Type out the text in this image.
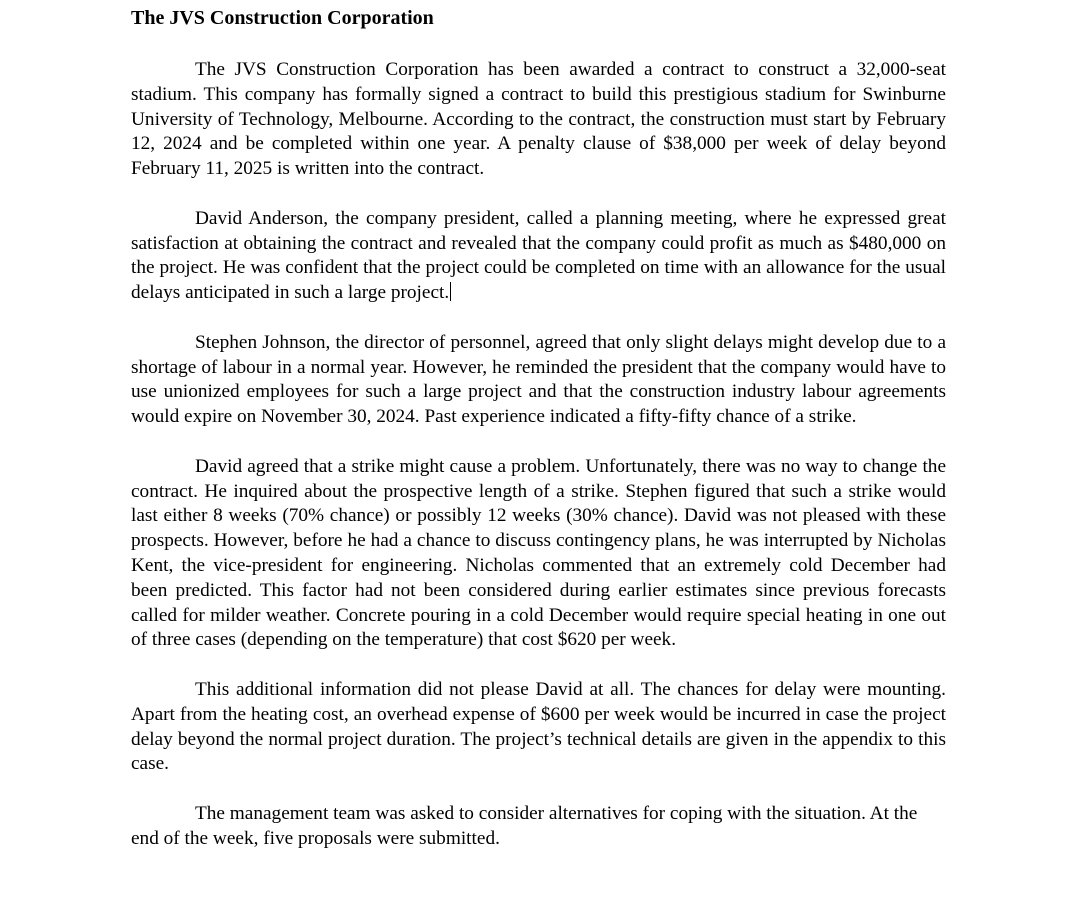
The JVS Construction Corporation

The JVS Construction Corporation has been awarded a contract to construct a 32,000-seat stadium. This company has formally signed a contract to build this prestigious stadium for Swinburne University of Technology, Melbourne. According to the contract, the construction must start by February 12, 2024 and be completed within one year. A penalty clause of $38,000 per week of delay beyond February 11, 2025 is written into the contract.

David Anderson, the company president, called a planning meeting, where he expressed great satisfaction at obtaining the contract and revealed that the company could profit as much as $480,000 on the project. He was confident that the project could be completed on time with an allowance for the usual delays anticipated in such a large project.

Stephen Johnson, the director of personnel, agreed that only slight delays might develop due to a shortage of labour in a normal year. However, he reminded the president that the company would have to use unionized employees for such a large project and that the construction industry labour agreements would expire on November 30, 2024. Past experience indicated a fifty-fifty chance of a strike.

David agreed that a strike might cause a problem. Unfortunately, there was no way to change the contract. He inquired about the prospective length of a strike. Stephen figured that such a strike would last either 8 weeks (70% chance) or possibly 12 weeks (30% chance). David was not pleased with these prospects. However, before he had a chance to discuss contingency plans, he was interrupted by Nicholas Kent, the vice-president for engineering. Nicholas commented that an extremely cold December had been predicted. This factor had not been considered during earlier estimates since previous forecasts called for milder weather. Concrete pouring in a cold December would require special heating in one out of three cases (depending on the temperature) that cost $620 per week.

This additional information did not please David at all. The chances for delay were mounting. Apart from the heating cost, an overhead expense of $600 per week would be incurred in case the project delay beyond the normal project duration. The project’s technical details are given in the appendix to this case.

The management team was asked to consider alternatives for coping with the situation. At the end of the week, five proposals were submitted.
